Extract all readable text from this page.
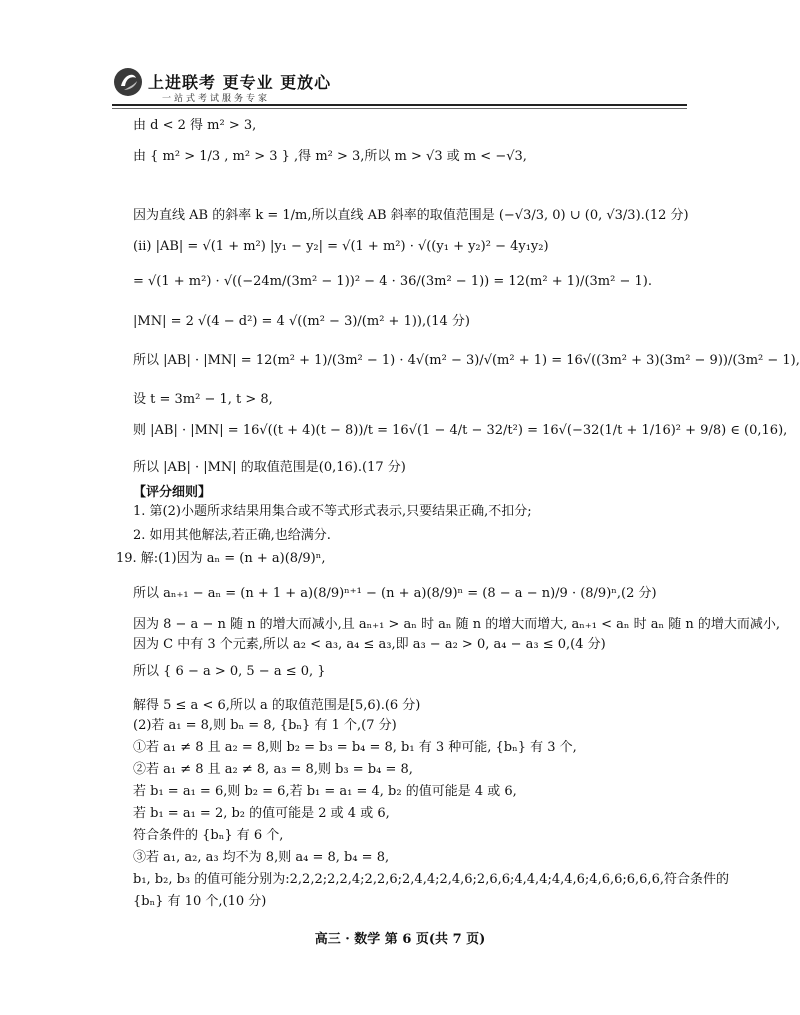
上进联考 更专业 更放心
一站式考试服务专家
由 d < 2 得 m² > 3,
由 { m² > 1/3 , m² > 3 } ,得 m² > 3,所以 m > √3 或 m < −√3,
因为直线 AB 的斜率 k = 1/m,所以直线 AB 斜率的取值范围是 (−√3/3, 0) ∪ (0, √3/3).(12 分)
(ii) |AB| = √(1 + m²) |y₁ − y₂| = √(1 + m²) · √((y₁ + y₂)² − 4y₁y₂)
= √(1 + m²) · √((−24m/(3m² − 1))² − 4 · 36/(3m² − 1)) = 12(m² + 1)/(3m² − 1).
|MN| = 2 √(4 − d²) = 4 √((m² − 3)/(m² + 1)),(14 分)
所以 |AB| · |MN| = 12(m² + 1)/(3m² − 1) · 4√(m² − 3)/√(m² + 1) = 16√((3m² + 3)(3m² − 9))/(3m² − 1),
设 t = 3m² − 1, t > 8,
则 |AB| · |MN| = 16√((t + 4)(t − 8))/t = 16√(1 − 4/t − 32/t²) = 16√(−32(1/t + 1/16)² + 9/8) ∈ (0,16),
所以 |AB| · |MN| 的取值范围是(0,16).(17 分)
【评分细则】
1. 第(2)小题所求结果用集合或不等式形式表示,只要结果正确,不扣分;
2. 如用其他解法,若正确,也给满分.
19. 解:(1)因为 aₙ = (n + a)(8/9)ⁿ,
所以 aₙ₊₁ − aₙ = (n + 1 + a)(8/9)ⁿ⁺¹ − (n + a)(8/9)ⁿ = (8 − a − n)/9 · (8/9)ⁿ,(2 分)
因为 8 − a − n 随 n 的增大而减小,且 aₙ₊₁ > aₙ 时 aₙ 随 n 的增大而增大, aₙ₊₁ < aₙ 时 aₙ 随 n 的增大而减小,
因为 C 中有 3 个元素,所以 a₂ < a₃, a₄ ≤ a₃,即 a₃ − a₂ > 0, a₄ − a₃ ≤ 0,(4 分)
所以 { 6 − a > 0, 5 − a ≤ 0, }
解得 5 ≤ a < 6,所以 a 的取值范围是[5,6).(6 分)
(2)若 a₁ = 8,则 bₙ = 8, {bₙ} 有 1 个,(7 分)
①若 a₁ ≠ 8 且 a₂ = 8,则 b₂ = b₃ = b₄ = 8, b₁ 有 3 种可能, {bₙ} 有 3 个,
②若 a₁ ≠ 8 且 a₂ ≠ 8, a₃ = 8,则 b₃ = b₄ = 8,
若 b₁ = a₁ = 6,则 b₂ = 6,若 b₁ = a₁ = 4, b₂ 的值可能是 4 或 6,
若 b₁ = a₁ = 2, b₂ 的值可能是 2 或 4 或 6,
符合条件的 {bₙ} 有 6 个,
③若 a₁, a₂, a₃ 均不为 8,则 a₄ = 8, b₄ = 8,
b₁, b₂, b₃ 的值可能分别为:2,2,2;2,2,4;2,2,6;2,4,4;2,4,6;2,6,6;4,4,4;4,4,6;4,6,6;6,6,6,符合条件的
{bₙ} 有 10 个,(10 分)
高三 · 数学 第 6 页(共 7 页)
